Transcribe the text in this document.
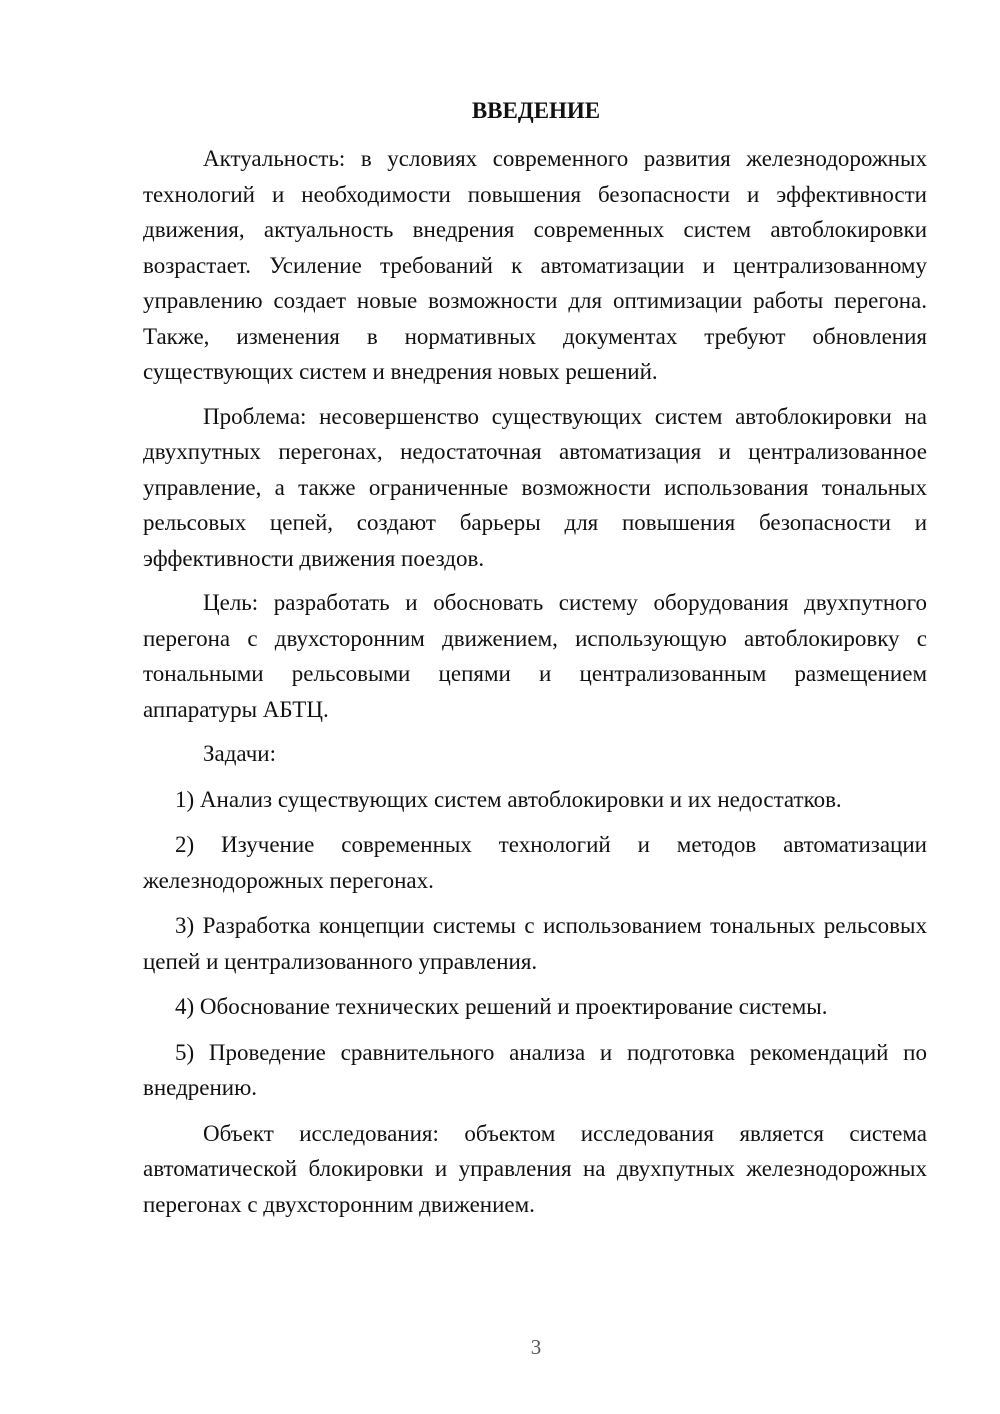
ВВЕДЕНИЕ

Актуальность: в условиях современного развития железнодорожных технологий и необходимости повышения безопасности и эффективности движения, актуальность внедрения современных систем автоблокировки возрастает. Усиление требований к автоматизации и централизованному управлению создает новые возможности для оптимизации работы перегона. Также, изменения в нормативных документах требуют обновления существующих систем и внедрения новых решений.

Проблема: несовершенство существующих систем автоблокировки на двухпутных перегонах, недостаточная автоматизация и централизованное управление, а также ограниченные возможности использования тональных рельсовых цепей, создают барьеры для повышения безопасности и эффективности движения поездов.

Цель: разработать и обосновать систему оборудования двухпутного перегона с двухсторонним движением, использующую автоблокировку с тональными рельсовыми цепями и централизованным размещением аппаратуры АБТЦ.

Задачи:

1) Анализ существующих систем автоблокировки и их недостатков.

2) Изучение современных технологий и методов автоматизации железнодорожных перегонах.

3) Разработка концепции системы с использованием тональных рельсовых цепей и централизованного управления.

4) Обоснование технических решений и проектирование системы.

5) Проведение сравнительного анализа и подготовка рекомендаций по внедрению.

Объект исследования: объектом исследования является система автоматической блокировки и управления на двухпутных железнодорожных перегонах с двухсторонним движением.

3
